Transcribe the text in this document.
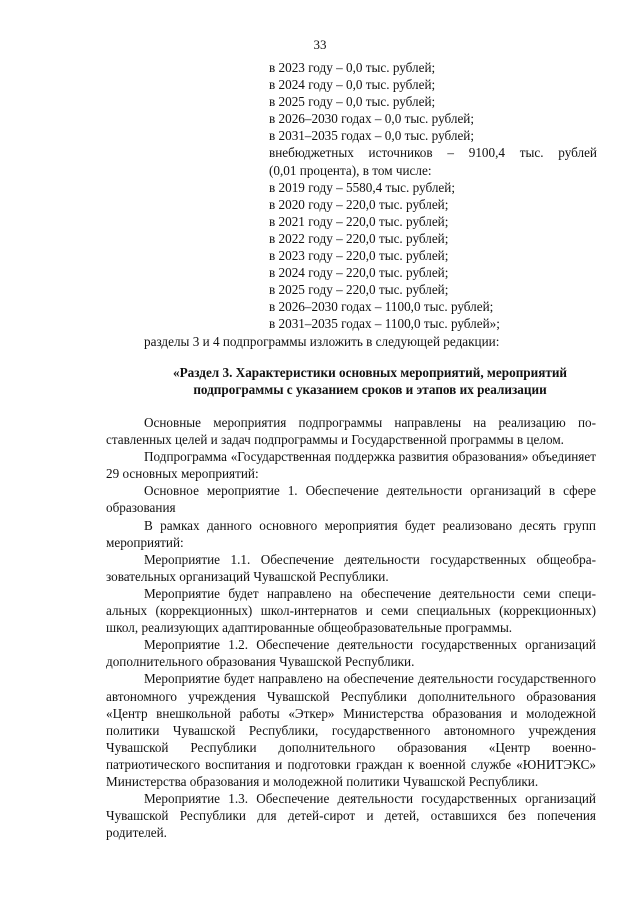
33
в 2023 году – 0,0 тыс. рублей;
в 2024 году – 0,0 тыс. рублей;
в 2025 году – 0,0 тыс. рублей;
в 2026–2030 годах – 0,0 тыс. рублей;
в 2031–2035 годах – 0,0 тыс. рублей;
внебюджетных источников – 9100,4 тыс. рублей
(0,01 процента), в том числе:
в 2019 году – 5580,4 тыс. рублей;
в 2020 году – 220,0 тыс. рублей;
в 2021 году – 220,0 тыс. рублей;
в 2022 году – 220,0 тыс. рублей;
в 2023 году – 220,0 тыс. рублей;
в 2024 году – 220,0 тыс. рублей;
в 2025 году – 220,0 тыс. рублей;
в 2026–2030 годах – 1100,0 тыс. рублей;
в 2031–2035 годах – 1100,0 тыс. рублей»;
разделы 3 и 4 подпрограммы изложить в следующей редакции:
«Раздел 3. Характеристики основных мероприятий, мероприятий
подпрограммы с указанием сроков и этапов их реализации

Основные мероприятия подпрограммы направлены на реализацию поставленных целей и задач подпрограммы и Государственной программы в целом.

Подпрограмма «Государственная поддержка развития образования» объединяет 29 основных мероприятий:

Основное мероприятие 1. Обеспечение деятельности организаций в сфере образования

В рамках данного основного мероприятия будет реализовано десять групп мероприятий:

Мероприятие 1.1. Обеспечение деятельности государственных общеобразовательных организаций Чувашской Республики.

Мероприятие будет направлено на обеспечение деятельности семи специальных (коррекционных) школ-интернатов и семи специальных (коррекционных) школ, реализующих адаптированные общеобразовательные программы.

Мероприятие 1.2. Обеспечение деятельности государственных организаций дополнительного образования Чувашской Республики.

Мероприятие будет направлено на обеспечение деятельности государственного автономного учреждения Чувашской Республики дополнительного образования «Центр внешкольной работы «Эткер» Министерства образования и молодежной политики Чувашской Республики, государственного автономного учреждения Чувашской Республики дополнительного образования «Центр военно-патриотического воспитания и подготовки граждан к военной службе «ЮНИТЭКС» Министерства образования и молодежной политики Чувашской Республики.

Мероприятие 1.3. Обеспечение деятельности государственных организаций Чувашской Республики для детей-сирот и детей, оставшихся без попечения родителей.
